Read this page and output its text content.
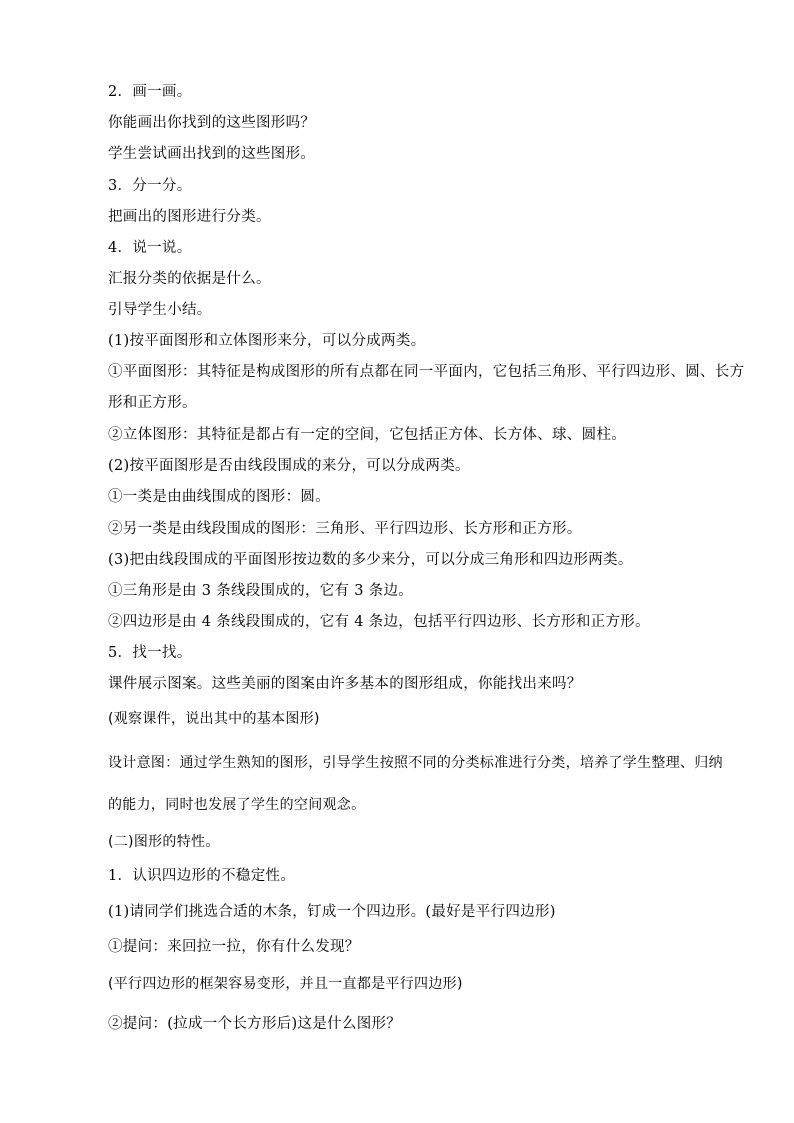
2．画一画。
你能画出你找到的这些图形吗？
学生尝试画出找到的这些图形。
3．分一分。
把画出的图形进行分类。
4．说一说。
汇报分类的依据是什么。
引导学生小结。
(1)按平面图形和立体图形来分，可以分成两类。
①平面图形：其特征是构成图形的所有点都在同一平面内，它包括三角形、平行四边形、圆、长方形和正方形。
②立体图形：其特征是都占有一定的空间，它包括正方体、长方体、球、圆柱。
(2)按平面图形是否由线段围成的来分，可以分成两类。
①一类是由曲线围成的图形：圆。
②另一类是由线段围成的图形：三角形、平行四边形、长方形和正方形。
(3)把由线段围成的平面图形按边数的多少来分，可以分成三角形和四边形两类。
①三角形是由 3 条线段围成的，它有 3 条边。
②四边形是由 4 条线段围成的，它有 4 条边，包括平行四边形、长方形和正方形。
5．找一找。
课件展示图案。这些美丽的图案由许多基本的图形组成，你能找出来吗？
(观察课件，说出其中的基本图形)
设计意图：通过学生熟知的图形，引导学生按照不同的分类标准进行分类，培养了学生整理、归纳的能力，同时也发展了学生的空间观念。
(二)图形的特性。
1．认识四边形的不稳定性。
(1)请同学们挑选合适的木条，钉成一个四边形。(最好是平行四边形)
①提问：来回拉一拉，你有什么发现？
(平行四边形的框架容易变形，并且一直都是平行四边形)
②提问：(拉成一个长方形后)这是什么图形？
